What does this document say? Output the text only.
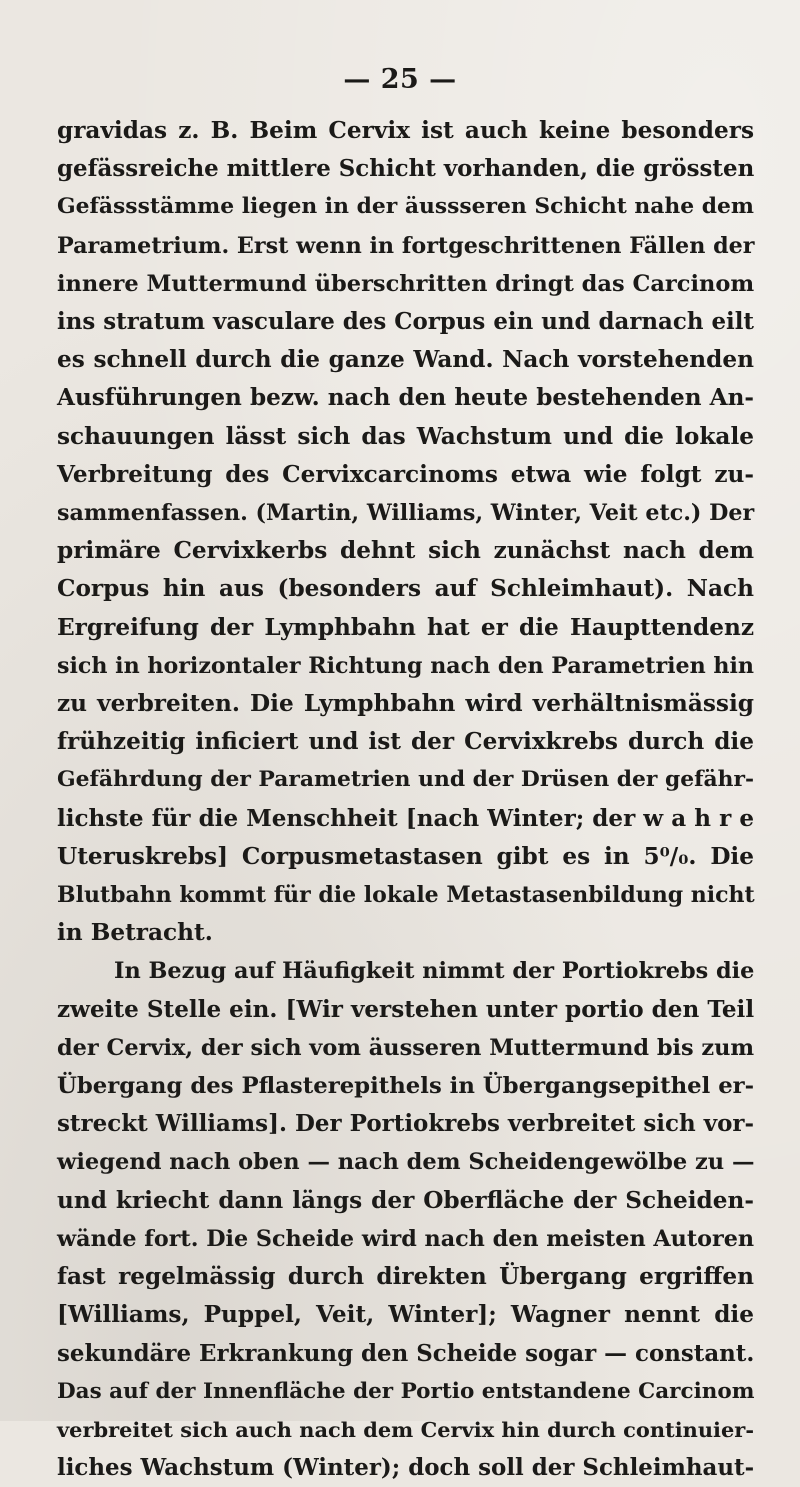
— 25 —
gravidas z. B. Beim Cervix ist auch keine besonders
gefässreiche mittlere Schicht vorhanden, die grössten
Gefässstämme liegen in der äussseren Schicht nahe dem
Parametrium. Erst wenn in fortgeschrittenen Fällen der
innere Muttermund überschritten dringt das Carcinom
ins stratum vasculare des Corpus ein und darnach eilt
es schnell durch die ganze Wand. Nach vorstehenden
Ausführungen bezw. nach den heute bestehenden An-
schauungen lässt sich das Wachstum und die lokale
Verbreitung des Cervixcarcinoms etwa wie folgt zu-
sammenfassen. (Martin, Williams, Winter, Veit etc.) Der
primäre Cervixkerbs dehnt sich zunächst nach dem
Corpus hin aus (besonders auf Schleimhaut). Nach
Ergreifung der Lymphbahn hat er die Haupttendenz
sich in horizontaler Richtung nach den Parametrien hin
zu verbreiten. Die Lymphbahn wird verhältnismässig
frühzeitig inficiert und ist der Cervixkrebs durch die
Gefährdung der Parametrien und der Drüsen der gefähr-
lichste für die Menschheit [nach Winter; der w a h r e
Uteruskrebs] Corpusmetastasen gibt es in 5⁰/₀. Die
Blutbahn kommt für die lokale Metastasenbildung nicht
in Betracht.
In Bezug auf Häufigkeit nimmt der Portiokrebs die
zweite Stelle ein. [Wir verstehen unter portio den Teil
der Cervix, der sich vom äusseren Muttermund bis zum
Übergang des Pflasterepithels in Übergangsepithel er-
streckt Williams]. Der Portiokrebs verbreitet sich vor-
wiegend nach oben — nach dem Scheidengewölbe zu —
und kriecht dann längs der Oberfläche der Scheiden-
wände fort. Die Scheide wird nach den meisten Autoren
fast regelmässig durch direkten Übergang ergriffen
[Williams, Puppel, Veit, Winter]; Wagner nennt die
sekundäre Erkrankung den Scheide sogar — constant.
Das auf der Innenfläche der Portio entstandene Carcinom
verbreitet sich auch nach dem Cervix hin durch continuier-
liches Wachstum (Winter); doch soll der Schleimhaut-
